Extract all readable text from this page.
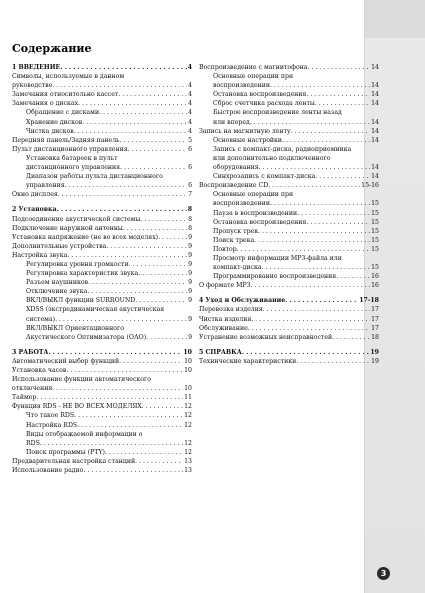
Содержание
1 ВВЕДЕНИЕ . . .	4
Символы, используемые в данном
руководстве . . .	4
Замечания относительно кассет . . .	4
Замечания о дисках . . .	4
Обращение с дисками . . .	4
Хранение дисков . . .	4
Чистка дисков . . .	4
Передняя панель/Задняя панель . . .	5
Пульт дистанционного управления . . .	6
Установка батареек в пульт
дистанционного управления . . .	6
Диапазон работы пульта дистанционного
управления . . .	6
Окно дисплея . . .	7
2 Установка . . .	8
Подсоединение акустической системы . . .	8
Подключение наружной антенны . . .	8
Установка напряжение (не во всех моделях) . . .	9
Дополнительные устройства . . .	9
Настройка звука . . .	9
Регулировка уровня громкости . . .	9
Регулировка характеристик звука . . .	9
Разъем наушников . . .	9
Отключение звука . . .	9
ВКЛ/ВЫКЛ функции SURROUND . . .	9
XDSS (экстрединамическая акустическая
система) . . .	9
ВКЛ/ВЫКЛ Ориентационного
Акустического Оптимизатора (ОАО) . . .	9
3 РАБОТА . . .	10
Автоматический выбор функций . . .	10
Установка часов . . .	10
Использование функции автоматического
отключения . . .	10
Таймер . . .	11
Функция RDS - НЕ ВО ВСЕХ МОДЕЛЯХ . . .	12
Что такое RDS . . .	12
Настройка RDS . . .	12
Виды отображаемой информации о
RDS . . .	12
Поиск программы (PTY) . . .	12
Предварительная настройка станций . . .	13
Использование радио . . .	13
Воспроизведение с магнитофона . . .	14
Основные операции при
воспроизведении . . .	14
Остановка воспроизведения . . .	14
Сброс счетчика расхода ленты . . .	14
Быстрое воспроизведение ленты назад
или вперед . . .	14
Запись на магнитную ленту . . .	14
Основные настройки . . .	14
Запись с компакт-диска, радиоприемника
или дополнительно подключенного
оборудования . . .	14
Синхрозапись с компакт-диска . . .	14
Воспроизведение CD . . .	15-16
Основные операции при
воспроизведении . . .	15
Пауза в воспроизведении . . .	15
Остановка воспроизведения . . .	15
Пропуск трек . . .	15
Поиск трека . . .	15
Повтор . . .	15
Просмотр информации MP3-файла или
компакт-диска . . .	15
Программирование воспроизведения . . .	16
О формате MP3 . . .	16
4 Уход и Обслуживание . . .	17-18
Перевозка изделия . . .	17
Чистка изделия . . .	17
Обслуживание . . .	17
Устранение возможных неисправностей . . .	18
5 СПРАВКА . . .	19
Технические характеристики . . .	19
3
